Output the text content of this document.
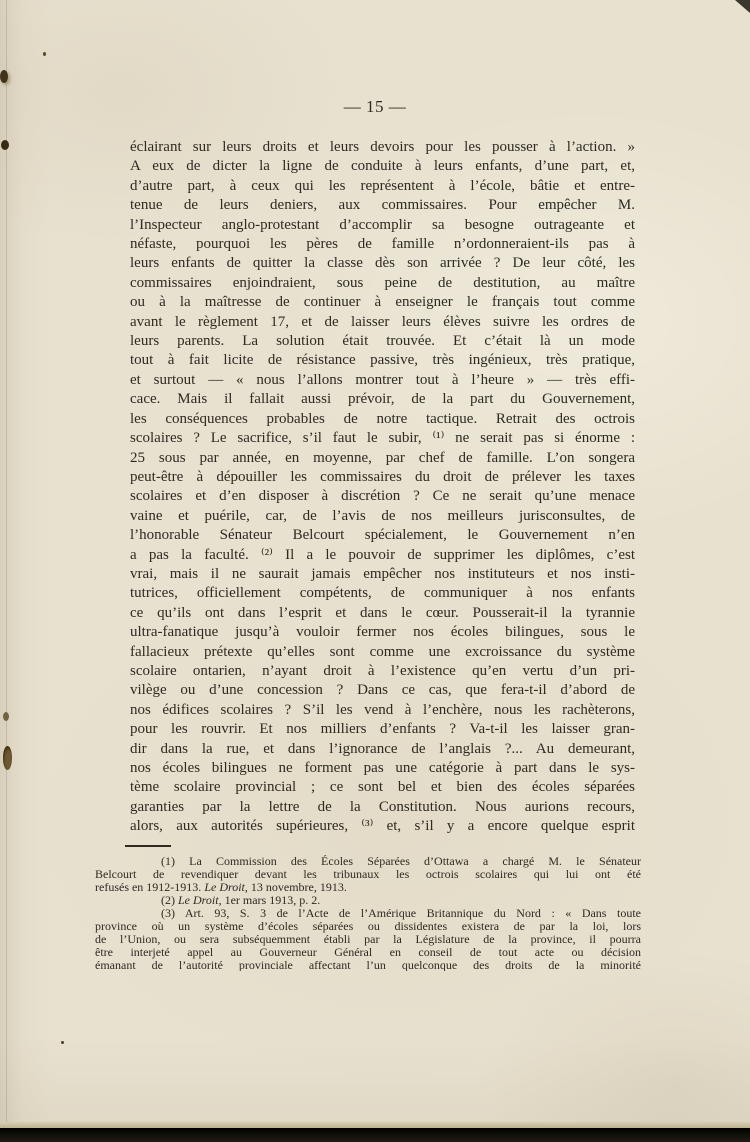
— 15 —
éclairant sur leurs droits et leurs devoirs pour les pousser à l’action. »
A eux de dicter la ligne de conduite à leurs enfants, d’une part, et,
d’autre part, à ceux qui les représentent à l’école, bâtie et entre-
tenue de leurs deniers, aux commissaires. Pour empêcher M.
l’Inspecteur anglo-protestant d’accomplir sa besogne outrageante et
néfaste, pourquoi les pères de famille n’ordonneraient-ils pas à
leurs enfants de quitter la classe dès son arrivée ? De leur côté, les
commissaires enjoindraient, sous peine de destitution, au maître
ou à la maîtresse de continuer à enseigner le français tout comme
avant le règlement 17, et de laisser leurs élèves suivre les ordres de
leurs parents. La solution était trouvée. Et c’était là un mode
tout à fait licite de résistance passive, très ingénieux, très pratique,
et surtout — « nous l’allons montrer tout à l’heure » — très effi-
cace. Mais il fallait aussi prévoir, de la part du Gouvernement,
les conséquences probables de notre tactique. Retrait des octrois
scolaires ? Le sacrifice, s’il faut le subir, ⁽¹⁾ ne serait pas si énorme :
25 sous par année, en moyenne, par chef de famille. L’on songera
peut-être à dépouiller les commissaires du droit de prélever les taxes
scolaires et d’en disposer à discrétion ? Ce ne serait qu’une menace
vaine et puérile, car, de l’avis de nos meilleurs jurisconsultes, de
l’honorable Sénateur Belcourt spécialement, le Gouvernement n’en
a pas la faculté. ⁽²⁾ Il a le pouvoir de supprimer les diplômes, c’est
vrai, mais il ne saurait jamais empêcher nos instituteurs et nos insti-
tutrices, officiellement compétents, de communiquer à nos enfants
ce qu’ils ont dans l’esprit et dans le cœur. Pousserait-il la tyrannie
ultra-fanatique jusqu’à vouloir fermer nos écoles bilingues, sous le
fallacieux prétexte qu’elles sont comme une excroissance du système
scolaire ontarien, n’ayant droit à l’existence qu’en vertu d’un pri-
vilège ou d’une concession ? Dans ce cas, que fera-t-il d’abord de
nos édifices scolaires ? S’il les vend à l’enchère, nous les rachèterons,
pour les rouvrir. Et nos milliers d’enfants ? Va-t-il les laisser gran-
dir dans la rue, et dans l’ignorance de l’anglais ?... Au demeurant,
nos écoles bilingues ne forment pas une catégorie à part dans le sys-
tème scolaire provincial ; ce sont bel et bien des écoles séparées
garanties par la lettre de la Constitution. Nous aurions recours,
alors, aux autorités supérieures, ⁽³⁾ et, s’il y a encore quelque esprit
(1) La Commission des Écoles Séparées d’Ottawa a chargé M. le Sénateur
Belcourt de revendiquer devant les tribunaux les octrois scolaires qui lui ont été
refusés en 1912-1913. Le Droit, 13 novembre, 1913.
(2) Le Droit, 1er mars 1913, p. 2.
(3) Art. 93, S. 3 de l’Acte de l’Amérique Britannique du Nord : « Dans toute
province où un système d’écoles séparées ou dissidentes existera de par la loi, lors
de l’Union, ou sera subséquemment établi par la Législature de la province, il pourra
être interjeté appel au Gouverneur Général en conseil de tout acte ou décision
émanant de l’autorité provinciale affectant l’un quelconque des droits de la minorité
